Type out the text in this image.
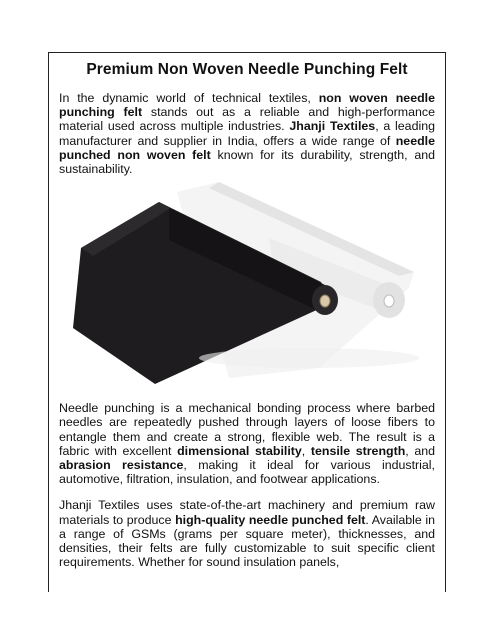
Premium Non Woven Needle Punching Felt

In the dynamic world of technical textiles, non woven needle punching felt stands out as a reliable and high-performance material used across multiple industries. Jhanji Textiles, a leading manufacturer and supplier in India, offers a wide range of needle punched non woven felt known for its durability, strength, and sustainability.

Needle punching is a mechanical bonding process where barbed needles are repeatedly pushed through layers of loose fibers to entangle them and create a strong, flexible web. The result is a fabric with excellent dimensional stability, tensile strength, and abrasion resistance, making it ideal for various industrial, automotive, filtration, insulation, and footwear applications.

Jhanji Textiles uses state-of-the-art machinery and premium raw materials to produce high-quality needle punched felt. Available in a range of GSMs (grams per square meter), thicknesses, and densities, their felts are fully customizable to suit specific client requirements. Whether for sound insulation panels,
